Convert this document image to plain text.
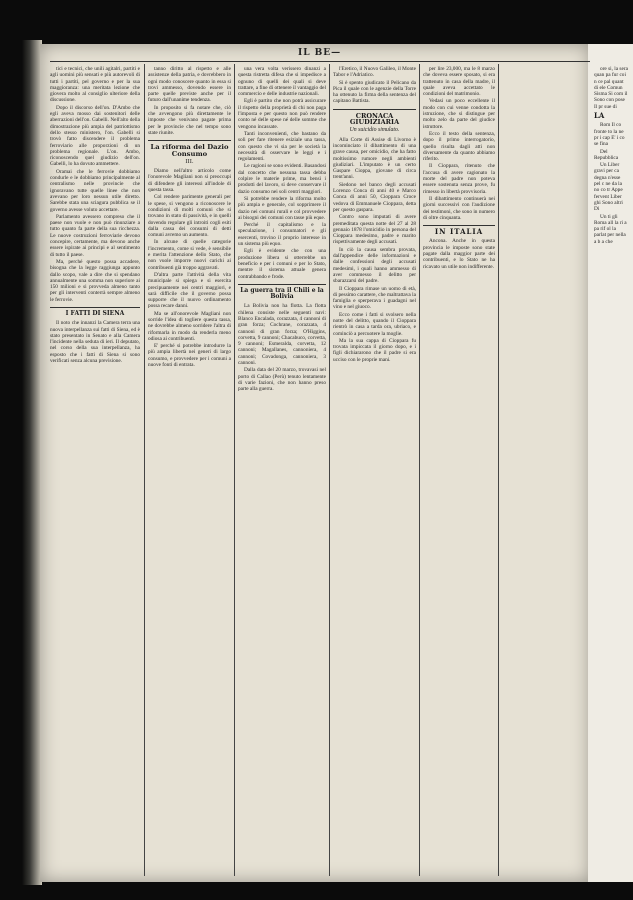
IL BE—

tici e tecnici, che unili agitalri, partiti e agli uomini più sensati e più autorevoli di tutti i partiti, pel governo e per la sua maggioranza: una meritata lezione che giovera molto al consiglio ulteriore della discussione.

Dopo il discorso dell'on. D'Ambo che egli aveva mosso dai sostenitori delle aberrazioni dell'on. Gabelli. Nell'alto della dimostrazione più ampia del patriottismo dello stesso ministero, l'on. Gabelli si trovò fatto discendere il problema ferroviario alle proporzioni di un problema regionale. L'on. Ambo, riconoscendo quel giudizio dell'on. Gabelli, lo ha dovuto ammettere.

Oramai che le ferrovie dobbiamo condurle e le dobbiamo principalmente al centralismo nelle provincie che ignoravano tutte quelle linee che non avevano per loro nessun utile diretto. Sarebbe stata una sciagura pubblica se il governo avesse voluto accettare.

Parlamento avessero compreso che il paese non vuole e non può rinunziare a tutto quanto fa parte della sua ricchezza. Le nuove costruzioni ferroviarie devono concepire, certamente, ma devono anche essere ispirate ai principi e al sentimento di tutto il paese.

Ma, perché questo possa accadere, bisogna che la legge raggiunga appunto dallo scopo, vale a dire che si spendano annualmente una somma non superiore ai 150 milioni e si provveda almeno tanto per gli interventi conterrà sempre almeno le ferrovie.

I FATTI DI SIENA

Il noto che innanzi la Camera terra una nuova interpellanza sui fatti di Siena, ed è stato presentato in Senato e alla Camera l'incidente nella seduta di ieri. Il deputato, nel corso della sua interpellanza, ha esposto che i fatti di Siena si sono verificati senza alcuna previsione.

tanno diritto al rispetto e alle assistenze della patria, e dovrebbero in ogni modo conoscere quanto in essa si trovi ammesso, dovendo essere in parte quelle previste anche per il futuro dall'unanime tendenza.

In proposito si fa notare che, ciò che avvengono più direttamente le imposte che venivano pagate prima per le provincie che nel tempo sono state riunite.

La riforma del Dazio Consumo
III.

Diamo nell'altro articolo come l'onorevole Magliani non si preoccupi di difendere gli interessi all'indole di questa tassa.

Col rendere parimente generali per le spese, si vengono a riconoscere le condizioni di molti comuni che si trovano in stato di passività, e in quelli dovendo regolare gli introiti cogli esiti dalla cassa dei consumi di detti comuni avremo un aumento.

In alcune di quelle categorie l'incremento, come si vede, è sensibile e merita l'attenzione dello Stato, che non vuole imporre nuovi carichi ai contribuenti già troppo aggravati.

D'altra parte l'attività della vita municipale si spiega e si esercita precipuamente nei centri maggiori, e sarà difficile che il governo possa supporre che il nuovo ordinamento possa recare danni.

Ma se all'onorevole Magliani non sorride l'idea di togliere questa tassa, ne dovrebbe almeno sorridere l'altra di riformarla in modo da renderla meno odiosa ai contribuenti.

E' perché si potrebbe introdurre la più ampia libertà nei generi di largo consumo, e provvedere per i comuni a nuove fonti di entrata.

una vera volta verissero dinanzi a questa ristretta difesa che si impedisce a ognuno di quelli dei quali si deve trattare, a fine di ottenere il vantaggio del commercio e delle industrie nazionali.

Egli è partito che non potrà assicurare il rispetto della proprietà di chi non paga l'imposta e per questo non può rendere conto né delle spese né delle somme che vengono incassate.

Tanti inconvenienti, che bastano da soli per fare ritenere esiziale una tassa, con questo che vi sia per le società la necessità di osservare le leggi e i regolamenti.

Le ragioni se sono evidenti. Basandosi dal concetto che nessuna tassa debba colpire le materie prime, ma bensì i prodotti del lavoro, si deve conservare il dazio consumo nei soli centri maggiori.

Si potrebbe rendere la riforma molto più ampia e generale, col sopprimere il dazio nei comuni rurali e col provvedere ai bisogni dei comuni con tasse più eque.

Perché il capitalismo e la speculazione, i consumatori e gli esercenti, trovino il proprio interesse in un sistema più equo.

Egli è evidente che con una produzione libera si otterrebbe un beneficio e per i comuni e per lo Stato, mentre il sistema attuale genera contrabbando e frode.

La guerra tra il Chili e la Bolivia

La Bolivia non ha flotta. La flotta chilena consiste nelle seguenti navi: Blanco Encalada, corazzata, 4 cannoni di gran forza; Cochrane, corazzata, 4 cannoni di gran forza; O'Higgins, corvetta, 9 cannoni; Chacabuco, corvetta, 9 cannoni; Esmeralda, corvetta, 12 cannoni; Magallanes, cannoniera, 4 cannoni; Covadonga, cannoniera, 3 cannoni.

Dalla data del 20 marzo, trovavasi nel porto di Callao (Perù) tenuto lentamente di varie fazioni, che non hanno preso parte alla guerra.

l'Eretico, il Nuovo Galileo, il Monte Tabor e l'Adriatico.

Si è spento giudicato il Pelicano da Pica il quale con le agenzie della Torre ha ottenuto la firma della sentenza del capitano Battista.

CRONACA GIUDIZIARIA
Un suicidio simulato.

Alla Corte di Assise di Livorno è incominciato il dibattimento di una grave causa, per omicidio, che ha fatto moltissimo rumore negli ambienti giudiziari. L'imputato è un certo Gaspare Cioppa, giovane di circa trent'anni.

Siedono nel banco degli accusati Lorenzo Conca di anni 40 e Marco Conca di anni 50, Cioppara Croce vedova di Emmanuele Cioppara, detta per questo gaspara.

Contro sono imputati di avere premeditata questa notte del 27 al 28 gennaio 1878 l'omicidio in persona del Cioppara medesimo, padre e marito rispettivamente degli accusati.

In ciò la causa sembra provata, dall'appendice delle informazioni e dalle confessioni degli accusati medesimi, i quali hanno ammesso di aver commesso il delitto per sbarazzarsi del padre.

Il Cioppara rimase un uomo di età, di pessimo carattere, che maltrattava la famiglia e sperperava i guadagni nel vino e nel giuoco.

Ecco come i fatti si svolsero nella notte del delitto, quando il Cioppara rientrò in casa a tarda ora, ubriaco, e cominciò a percuotere la moglie.

Ma la sua cappa di Cioppara fu trovata impiccata il giorno dopo, e i figli dichiararono che il padre si era ucciso con le proprie mani.

per lire 23,000, ma le 8 marzo che doveva essere sposato, si era trattenuto in casa della madre, il quale aveva accettato le condizioni del matrimonio.

Vedasi un poco eccellente il modo con cui venne condotta la istruzione, che si distingue per molto zelo da parte del giudice istruttore.

Ecco il testo della sentenza, dopo il primo interrogatorio, quello risulta dagli atti non diversamente da quanto abbiamo riferito.

Il Cioppara, ritenuto che l'accusa di avere cagionato la morte del padre non poteva essere sostenuta senza prove, fu rimesso in libertà provvisoria.

Il dibattimento continuerà nei giorni successivi con l'audizione dei testimoni, che sono in numero di oltre cinquanta.

IN ITALIA

Ancona. Anche in questa provincia le imposte sono state pagate dalla maggior parte dei contribuenti, e lo Stato ne ha ricavato un utile non indifferente.

ore si, la sera quan pa fur coi n ce pal quant di ele Comun Sisma Si com il Sono con pose Il pr sue di

LA

Rom Il co fronte to la ne pr i cap E' i co se fina

Del Repubblica

Un Liber gravi per ca degna n'esse pel c ne da la no co tr Appe fervent Liber ghi Sono altri Di

Un ti gli Roma all la ri a pa rif ol la parlat per nella a b a che
